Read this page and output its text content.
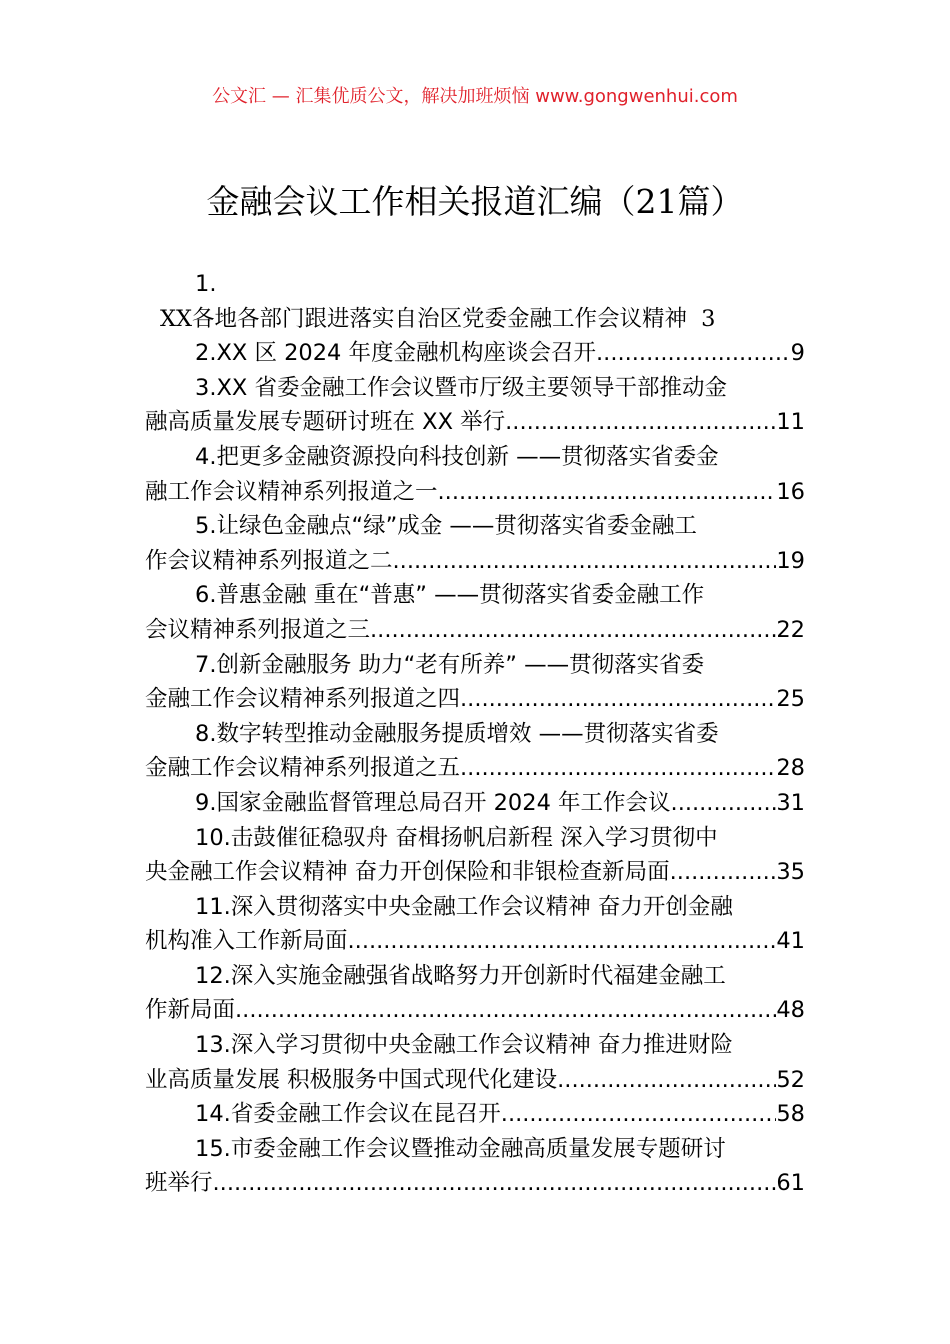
公文汇 — 汇集优质公文，解决加班烦恼 www.gongwenhui.com
金融会议工作相关报道汇编（21篇）
1.
XX 各地各部门跟进落实自治区党委金融工作会议精神 3
2.XX 区 2024 年度金融机构座谈会召开 .....	9
3.XX 省委金融工作会议暨市厅级主要领导干部推动金
融高质量发展专题研讨班在 XX 举行 .....	11
4.把更多金融资源投向科技创新 ——贯彻落实省委金
融工作会议精神系列报道之一 .....	16
5.让绿色金融点“绿”成金 ——贯彻落实省委金融工
作会议精神系列报道之二 .....	19
6.普惠金融 重在“普惠” ——贯彻落实省委金融工作
会议精神系列报道之三 .....	22
7.创新金融服务 助力“老有所养” ——贯彻落实省委
金融工作会议精神系列报道之四 .....	25
8.数字转型推动金融服务提质增效 ——贯彻落实省委
金融工作会议精神系列报道之五 .....	28
9.国家金融监督管理总局召开 2024 年工作会议 .....	31
10.击鼓催征稳驭舟 奋楫扬帆启新程 深入学习贯彻中
央金融工作会议精神 奋力开创保险和非银检查新局面 .....	35
11.深入贯彻落实中央金融工作会议精神 奋力开创金融
机构准入工作新局面 .....	41
12.深入实施金融强省战略努力开创新时代福建金融工
作新局面 .....	48
13.深入学习贯彻中央金融工作会议精神 奋力推进财险
业高质量发展 积极服务中国式现代化建设 .....	52
14.省委金融工作会议在昆召开 .....	58
15.市委金融工作会议暨推动金融高质量发展专题研讨
班举行 .....	61
